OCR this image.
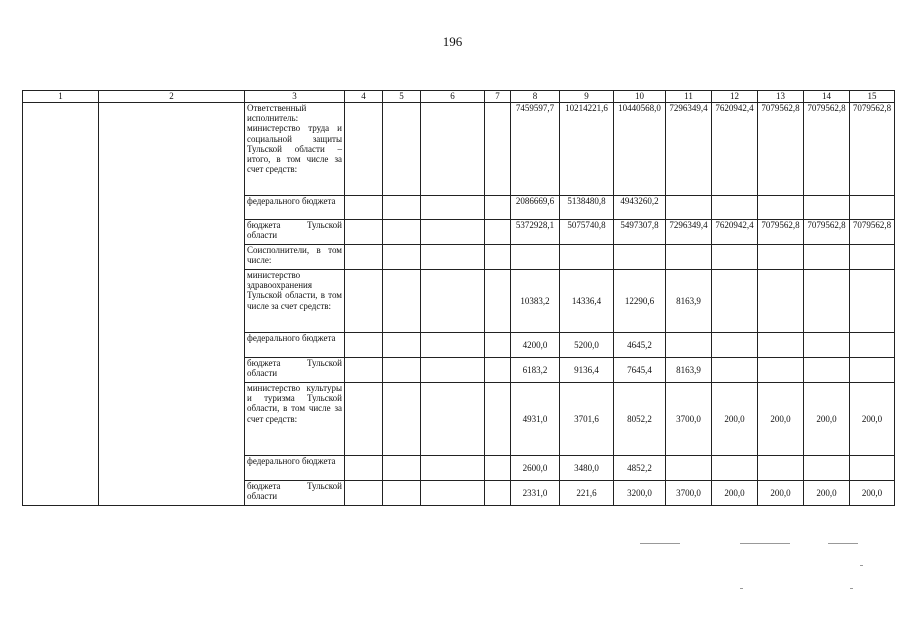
196
1	2	3	4	5	6	7	8	9	10	11	12	13	14	15
		Ответственный исполнитель: министерство труда и социальной защиты Тульской области – итого, в том числе за счет средств:					7459597,7	10214221,6	10440568,0	7296349,4	7620942,4	7079562,8	7079562,8	7079562,8
		федерального бюджета					2086669,6	5138480,8	4943260,2					
		бюджета Тульской области					5372928,1	5075740,8	5497307,8	7296349,4	7620942,4	7079562,8	7079562,8	7079562,8
		Соисполнители, в том числе:												
		министерство здравоохранения Тульской области, в том числе за счет средств:					10383,2	14336,4	12290,6	8163,9				
		федерального бюджета					4200,0	5200,0	4645,2					
		бюджета Тульской области					6183,2	9136,4	7645,4	8163,9				
		министерство культуры и туризма Тульской области, в том числе за счет средств:					4931,0	3701,6	8052,2	3700,0	200,0	200,0	200,0	200,0
		федерального бюджета					2600,0	3480,0	4852,2					
		бюджета Тульской области					2331,0	221,6	3200,0	3700,0	200,0	200,0	200,0	200,0
